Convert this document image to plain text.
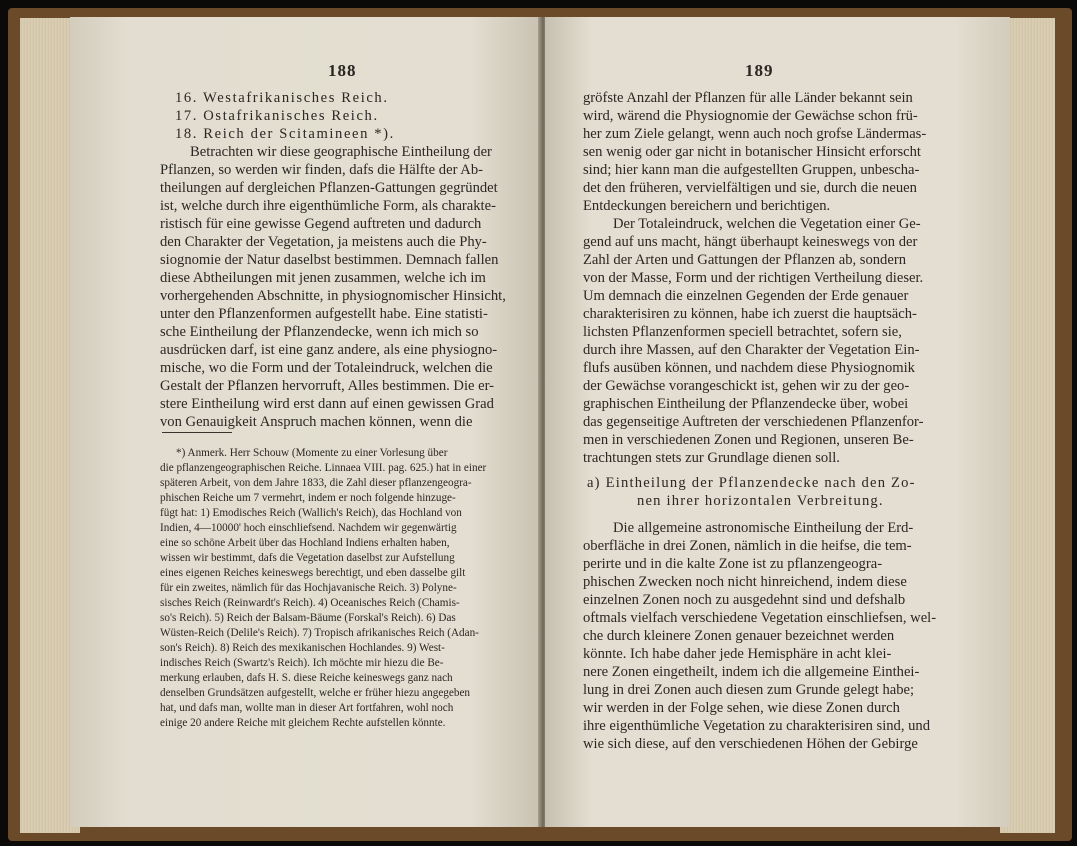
188
16. Westafrikanisches Reich.
17. Ostafrikanisches Reich.
18. Reich der Scitamineen *).
Betrachten wir diese geographische Eintheilung der
Pflanzen, so werden wir finden, dafs die Hälfte der Ab-
theilungen auf dergleichen Pflanzen-Gattungen gegründet
ist, welche durch ihre eigenthümliche Form, als charakte-
ristisch für eine gewisse Gegend auftreten und dadurch
den Charakter der Vegetation, ja meistens auch die Phy-
siognomie der Natur daselbst bestimmen. Demnach fallen
diese Abtheilungen mit jenen zusammen, welche ich im
vorhergehenden Abschnitte, in physiognomischer Hinsicht,
unter den Pflanzenformen aufgestellt habe. Eine statisti-
sche Eintheilung der Pflanzendecke, wenn ich mich so
ausdrücken darf, ist eine ganz andere, als eine physiogno-
mische, wo die Form und der Totaleindruck, welchen die
Gestalt der Pflanzen hervorruft, Alles bestimmen. Die er-
stere Eintheilung wird erst dann auf einen gewissen Grad
von Genauigkeit Anspruch machen können, wenn die
*) Anmerk. Herr Schouw (Momente zu einer Vorlesung über
die pflanzengeographischen Reiche. Linnaea VIII. pag. 625.) hat in einer
späteren Arbeit, von dem Jahre 1833, die Zahl dieser pflanzengeogra-
phischen Reiche um 7 vermehrt, indem er noch folgende hinzuge-
fügt hat: 1) Emodisches Reich (Wallich's Reich), das Hochland von
Indien, 4—10000' hoch einschliefsend. Nachdem wir gegenwärtig
eine so schöne Arbeit über das Hochland Indiens erhalten haben,
wissen wir bestimmt, dafs die Vegetation daselbst zur Aufstellung
eines eigenen Reiches keineswegs berechtigt, und eben dasselbe gilt
für ein zweites, nämlich für das Hochjavanische Reich. 3) Polyne-
sisches Reich (Reinwardt's Reich). 4) Oceanisches Reich (Chamis-
so's Reich). 5) Reich der Balsam-Bäume (Forskal's Reich). 6) Das
Wüsten-Reich (Delile's Reich). 7) Tropisch afrikanisches Reich (Adan-
son's Reich). 8) Reich des mexikanischen Hochlandes. 9) West-
indisches Reich (Swartz's Reich). Ich möchte mir hiezu die Be-
merkung erlauben, dafs H. S. diese Reiche keineswegs ganz nach
denselben Grundsätzen aufgestellt, welche er früher hiezu angegeben
hat, und dafs man, wollte man in dieser Art fortfahren, wohl noch
einige 20 andere Reiche mit gleichem Rechte aufstellen könnte.
189
gröfste Anzahl der Pflanzen für alle Länder bekannt sein
wird, wärend die Physiognomie der Gewächse schon frü-
her zum Ziele gelangt, wenn auch noch grofse Ländermas-
sen wenig oder gar nicht in botanischer Hinsicht erforscht
sind; hier kann man die aufgestellten Gruppen, unbescha-
det den früheren, vervielfältigen und sie, durch die neuen
Entdeckungen bereichern und berichtigen.
Der Totaleindruck, welchen die Vegetation einer Ge-
gend auf uns macht, hängt überhaupt keineswegs von der
Zahl der Arten und Gattungen der Pflanzen ab, sondern
von der Masse, Form und der richtigen Vertheilung dieser.
Um demnach die einzelnen Gegenden der Erde genauer
charakterisiren zu können, habe ich zuerst die hauptsäch-
lichsten Pflanzenformen speciell betrachtet, sofern sie,
durch ihre Massen, auf den Charakter der Vegetation Ein-
flufs ausüben können, und nachdem diese Physiognomik
der Gewächse vorangeschickt ist, gehen wir zu der geo-
graphischen Eintheilung der Pflanzendecke über, wobei
das gegenseitige Auftreten der verschiedenen Pflanzenfor-
men in verschiedenen Zonen und Regionen, unseren Be-
trachtungen stets zur Grundlage dienen soll.
a) Eintheilung der Pflanzendecke nach den Zo-
nen ihrer horizontalen Verbreitung.
Die allgemeine astronomische Eintheilung der Erd-
oberfläche in drei Zonen, nämlich in die heifse, die tem-
perirte und in die kalte Zone ist zu pflanzengeogra-
phischen Zwecken noch nicht hinreichend, indem diese
einzelnen Zonen noch zu ausgedehnt sind und defshalb
oftmals vielfach verschiedene Vegetation einschliefsen, wel-
che durch kleinere Zonen genauer bezeichnet werden
könnte. Ich habe daher jede Hemisphäre in acht klei-
nere Zonen eingetheilt, indem ich die allgemeine Einthei-
lung in drei Zonen auch diesen zum Grunde gelegt habe;
wir werden in der Folge sehen, wie diese Zonen durch
ihre eigenthümliche Vegetation zu charakterisiren sind, und
wie sich diese, auf den verschiedenen Höhen der Gebirge
